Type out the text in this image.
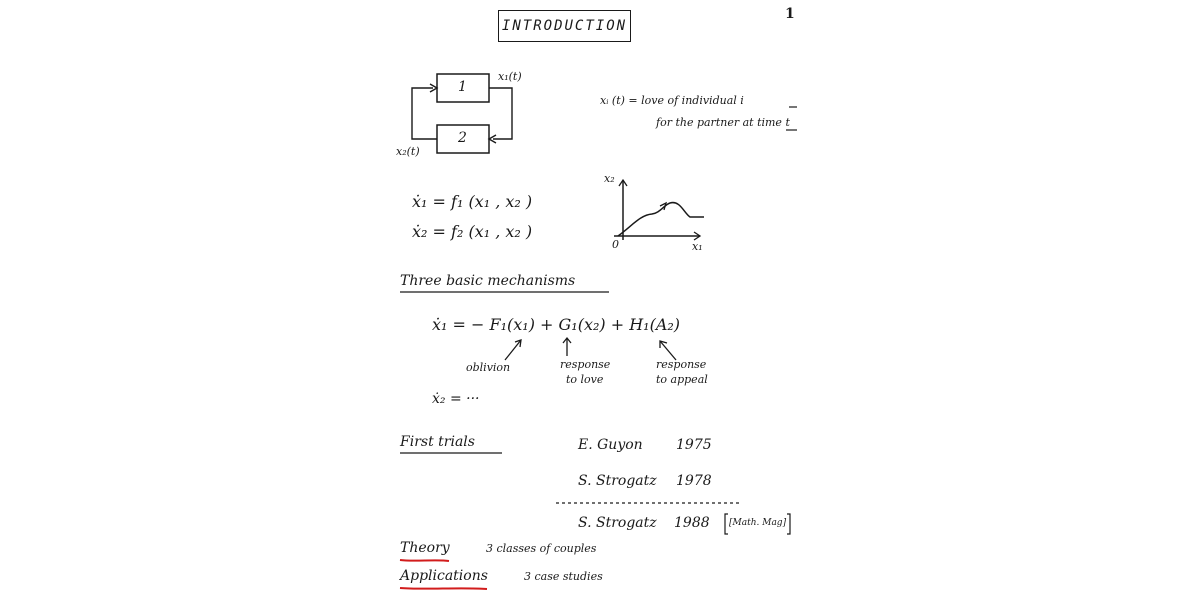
INTRODUCTION
1
1
2
x₁(t)
x₂(t)
xᵢ (t) = love of individual i
for the partner at time t
ẋ₁ = f₁ (x₁ , x₂ )
ẋ₂ = f₂ (x₁ , x₂ )
x₂
x₁
0
Three basic mechanisms
ẋ₁ = − F₁(x₁) + G₁(x₂) + H₁(A₂)
oblivion	response
to love
response
to appeal
ẋ₂ = ···
First trials	E. Guyon 1975
S. Strogatz 1978
S. Strogatz 1988 [Math. Mag]
Theory	3 classes of couples
Applications	3 case studies
